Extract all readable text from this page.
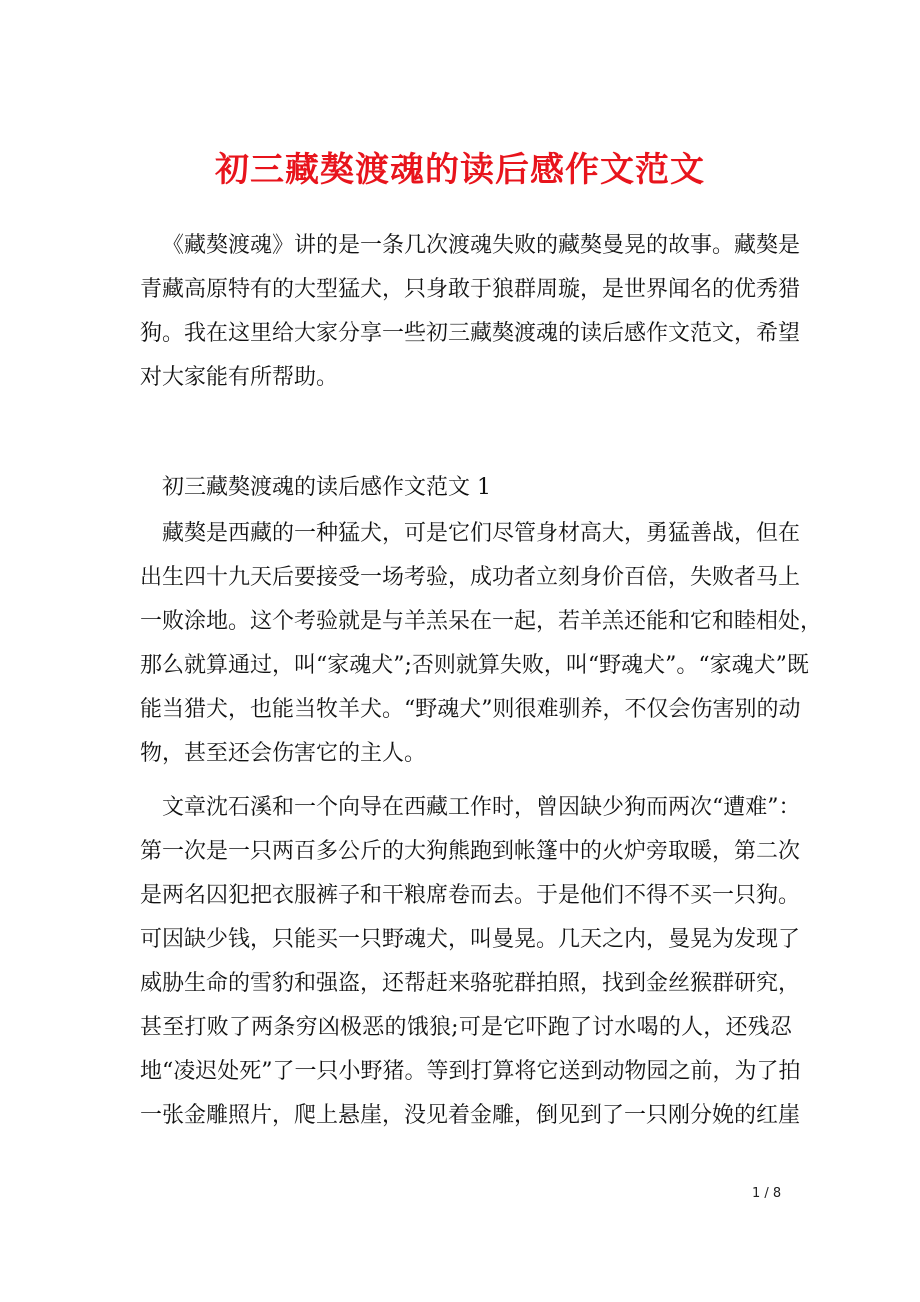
初三藏獒渡魂的读后感作文范文
《藏獒渡魂》讲的是一条几次渡魂失败的藏獒曼晃的故事。藏獒是
青藏高原特有的大型猛犬，只身敢于狼群周璇，是世界闻名的优秀猎
狗。我在这里给大家分享一些初三藏獒渡魂的读后感作文范文，希望
对大家能有所帮助。
初三藏獒渡魂的读后感作文范文 1
藏獒是西藏的一种猛犬，可是它们尽管身材高大，勇猛善战，但在
出生四十九天后要接受一场考验，成功者立刻身价百倍，失败者马上
一败涂地。这个考验就是与羊羔呆在一起，若羊羔还能和它和睦相处，
那么就算通过，叫“家魂犬”;否则就算失败，叫“野魂犬”。“家魂犬”既
能当猎犬，也能当牧羊犬。“野魂犬”则很难驯养，不仅会伤害别的动
物，甚至还会伤害它的主人。
文章沈石溪和一个向导在西藏工作时，曾因缺少狗而两次“遭难”：
第一次是一只两百多公斤的大狗熊跑到帐篷中的火炉旁取暖，第二次
是两名囚犯把衣服裤子和干粮席卷而去。于是他们不得不买一只狗。
可因缺少钱，只能买一只野魂犬，叫曼晃。几天之内，曼晃为发现了
威胁生命的雪豹和强盗，还帮赶来骆驼群拍照，找到金丝猴群研究，
甚至打败了两条穷凶极恶的饿狼;可是它吓跑了讨水喝的人，还残忍
地“凌迟处死”了一只小野猪。等到打算将它送到动物园之前，为了拍
一张金雕照片，爬上悬崖，没见着金雕，倒见到了一只刚分娩的红崖
1 / 8
